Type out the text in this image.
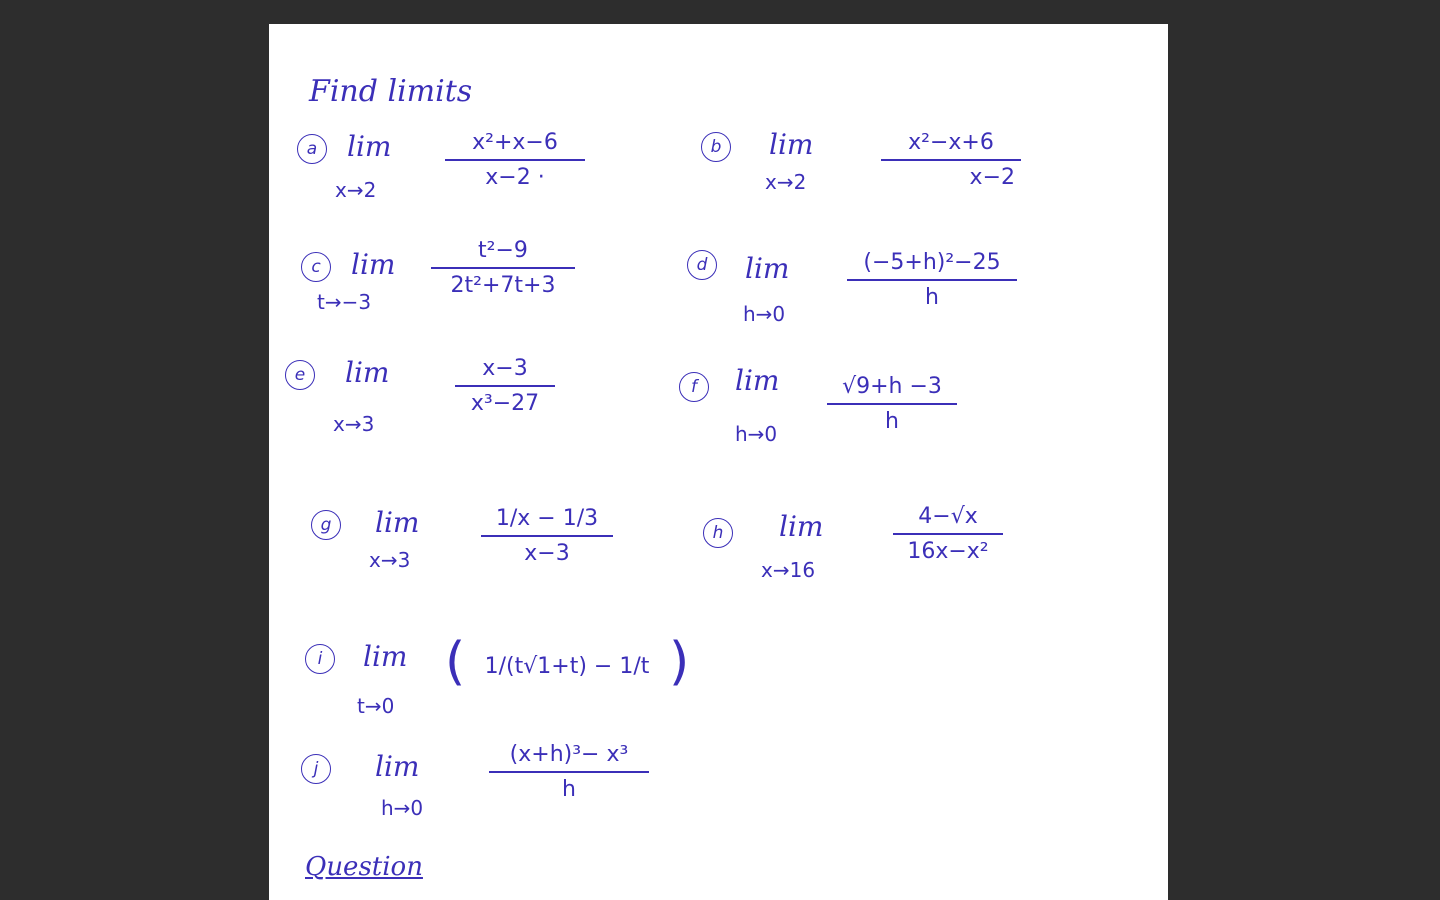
Find limits
a	lim
x→2
x²+x−6
x−2 ·
b	lim
x→2
x²−x+6
x−2
c	lim
t→−3
t²−9
2t²+7t+3
d	lim
h→0
(−5+h)²−25
h
e	lim
x→3
x−3
x³−27
f	lim
h→0
√9+h −3
h
g	lim
x→3
1/x − 1/3
x−3
h	lim
x→16
4−√x
16x−x²
i	lim
t→0
( 1/(t√1+t) − 1/t )
j	lim
h→0
(x+h)³− x³
h
Question
